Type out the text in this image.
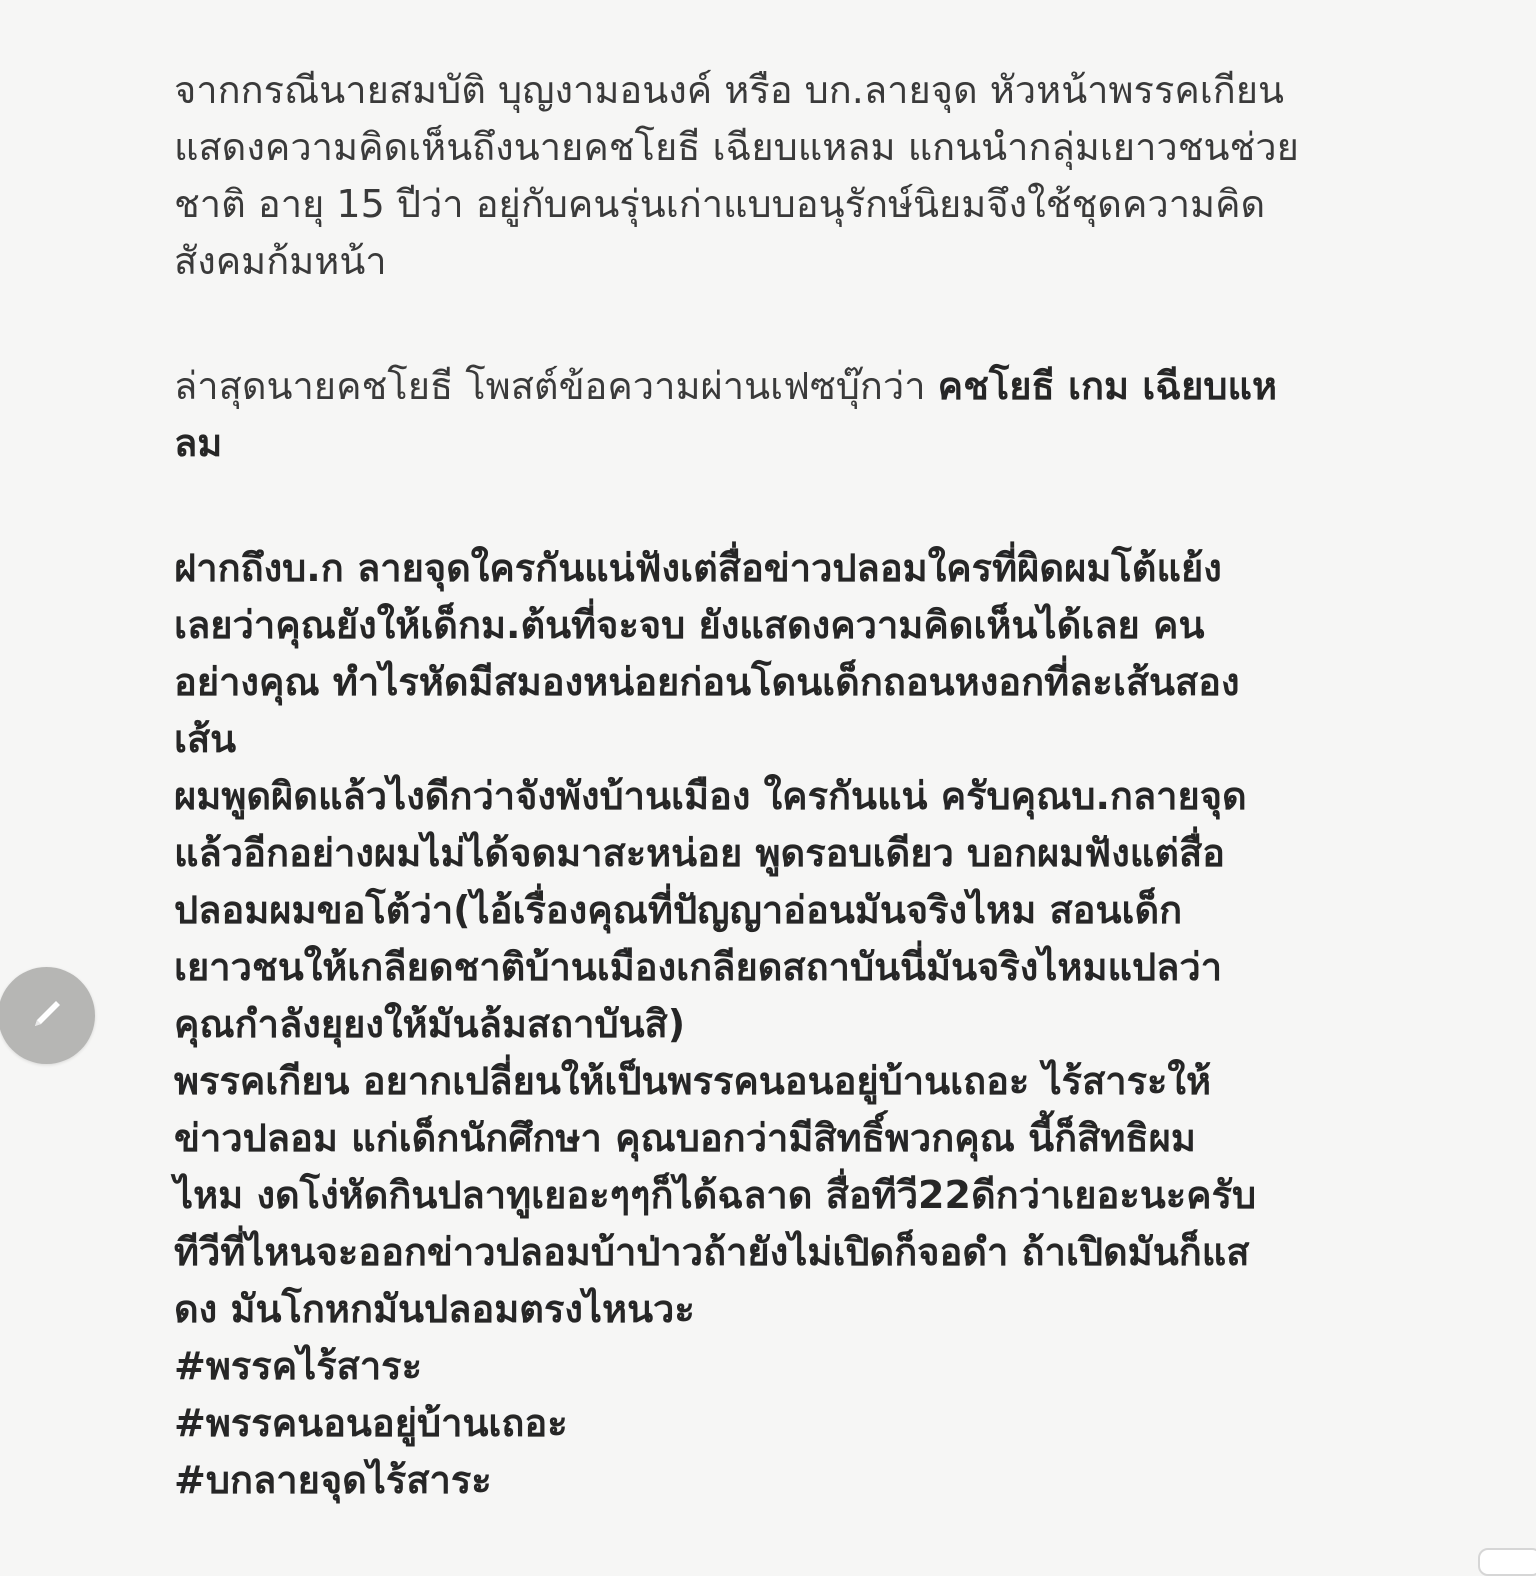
จากกรณีนายสมบัติ บุญงามอนงค์ หรือ บก.ลายจุด หัวหน้าพรรคเกียน
แสดงความคิดเห็นถึงนายคชโยธี เฉียบแหลม แกนนำกลุ่มเยาวชนช่วย
ชาติ อายุ 15 ปีว่า อยู่กับคนรุ่นเก่าแบบอนุรักษ์นิยมจึงใช้ชุดความคิด
สังคมก้มหน้า

ล่าสุดนายคชโยธี โพสต์ข้อความผ่านเฟซบุ๊กว่า คชโยธี เกม เฉียบแห
ลม

ฝากถึงบ.ก ลายจุดใครกันแน่ฟังเต่สื่อข่าวปลอมใครที่ผิดผมโต้แย้ง
เลยว่าคุณยังให้เด็กม.ต้นที่จะจบ ยังแสดงความคิดเห็นได้เลย คน
อย่างคุณ ทำไรหัดมีสมองหน่อยก่อนโดนเด็กถอนหงอกที่ละเส้นสอง
เส้น
ผมพูดผิดแล้วไงดีกว่าจังพังบ้านเมือง ใครกันแน่ ครับคุณบ.กลายจุด
แล้วอีกอย่างผมไม่ได้จดมาสะหน่อย พูดรอบเดียว บอกผมฟังแต่สื่อ
ปลอมผมขอโต้ว่า(ไอ้เรื่องคุณที่ปัญญาอ่อนมันจริงไหม สอนเด็ก
เยาวชนให้เกลียดชาติบ้านเมืองเกลียดสถาบันนี่มันจริงไหมแปลว่า
คุณกำลังยุยงให้มันล้มสถาบันสิ)
พรรคเกียน อยากเปลี่ยนให้เป็นพรรคนอนอยู่บ้านเถอะ ไร้สาระให้
ข่าวปลอม แก่เด็กนักศึกษา คุณบอกว่ามีสิทธิ์พวกคุณ นี้ก็สิทธิผม
ไหม งดโง่หัดกินปลาทูเยอะๆๆก็ได้ฉลาด สื่อทีวี22ดีกว่าเยอะนะครับ
ทีวีที่ไหนจะออกข่าวปลอมบ้าป่าวถ้ายังไม่เปิดก็จอดำ ถ้าเปิดมันก็แส
ดง มันโกหกมันปลอมตรงไหนวะ
#พรรคไร้สาระ
#พรรคนอนอยู่บ้านเถอะ
#บกลายจุดไร้สาระ
